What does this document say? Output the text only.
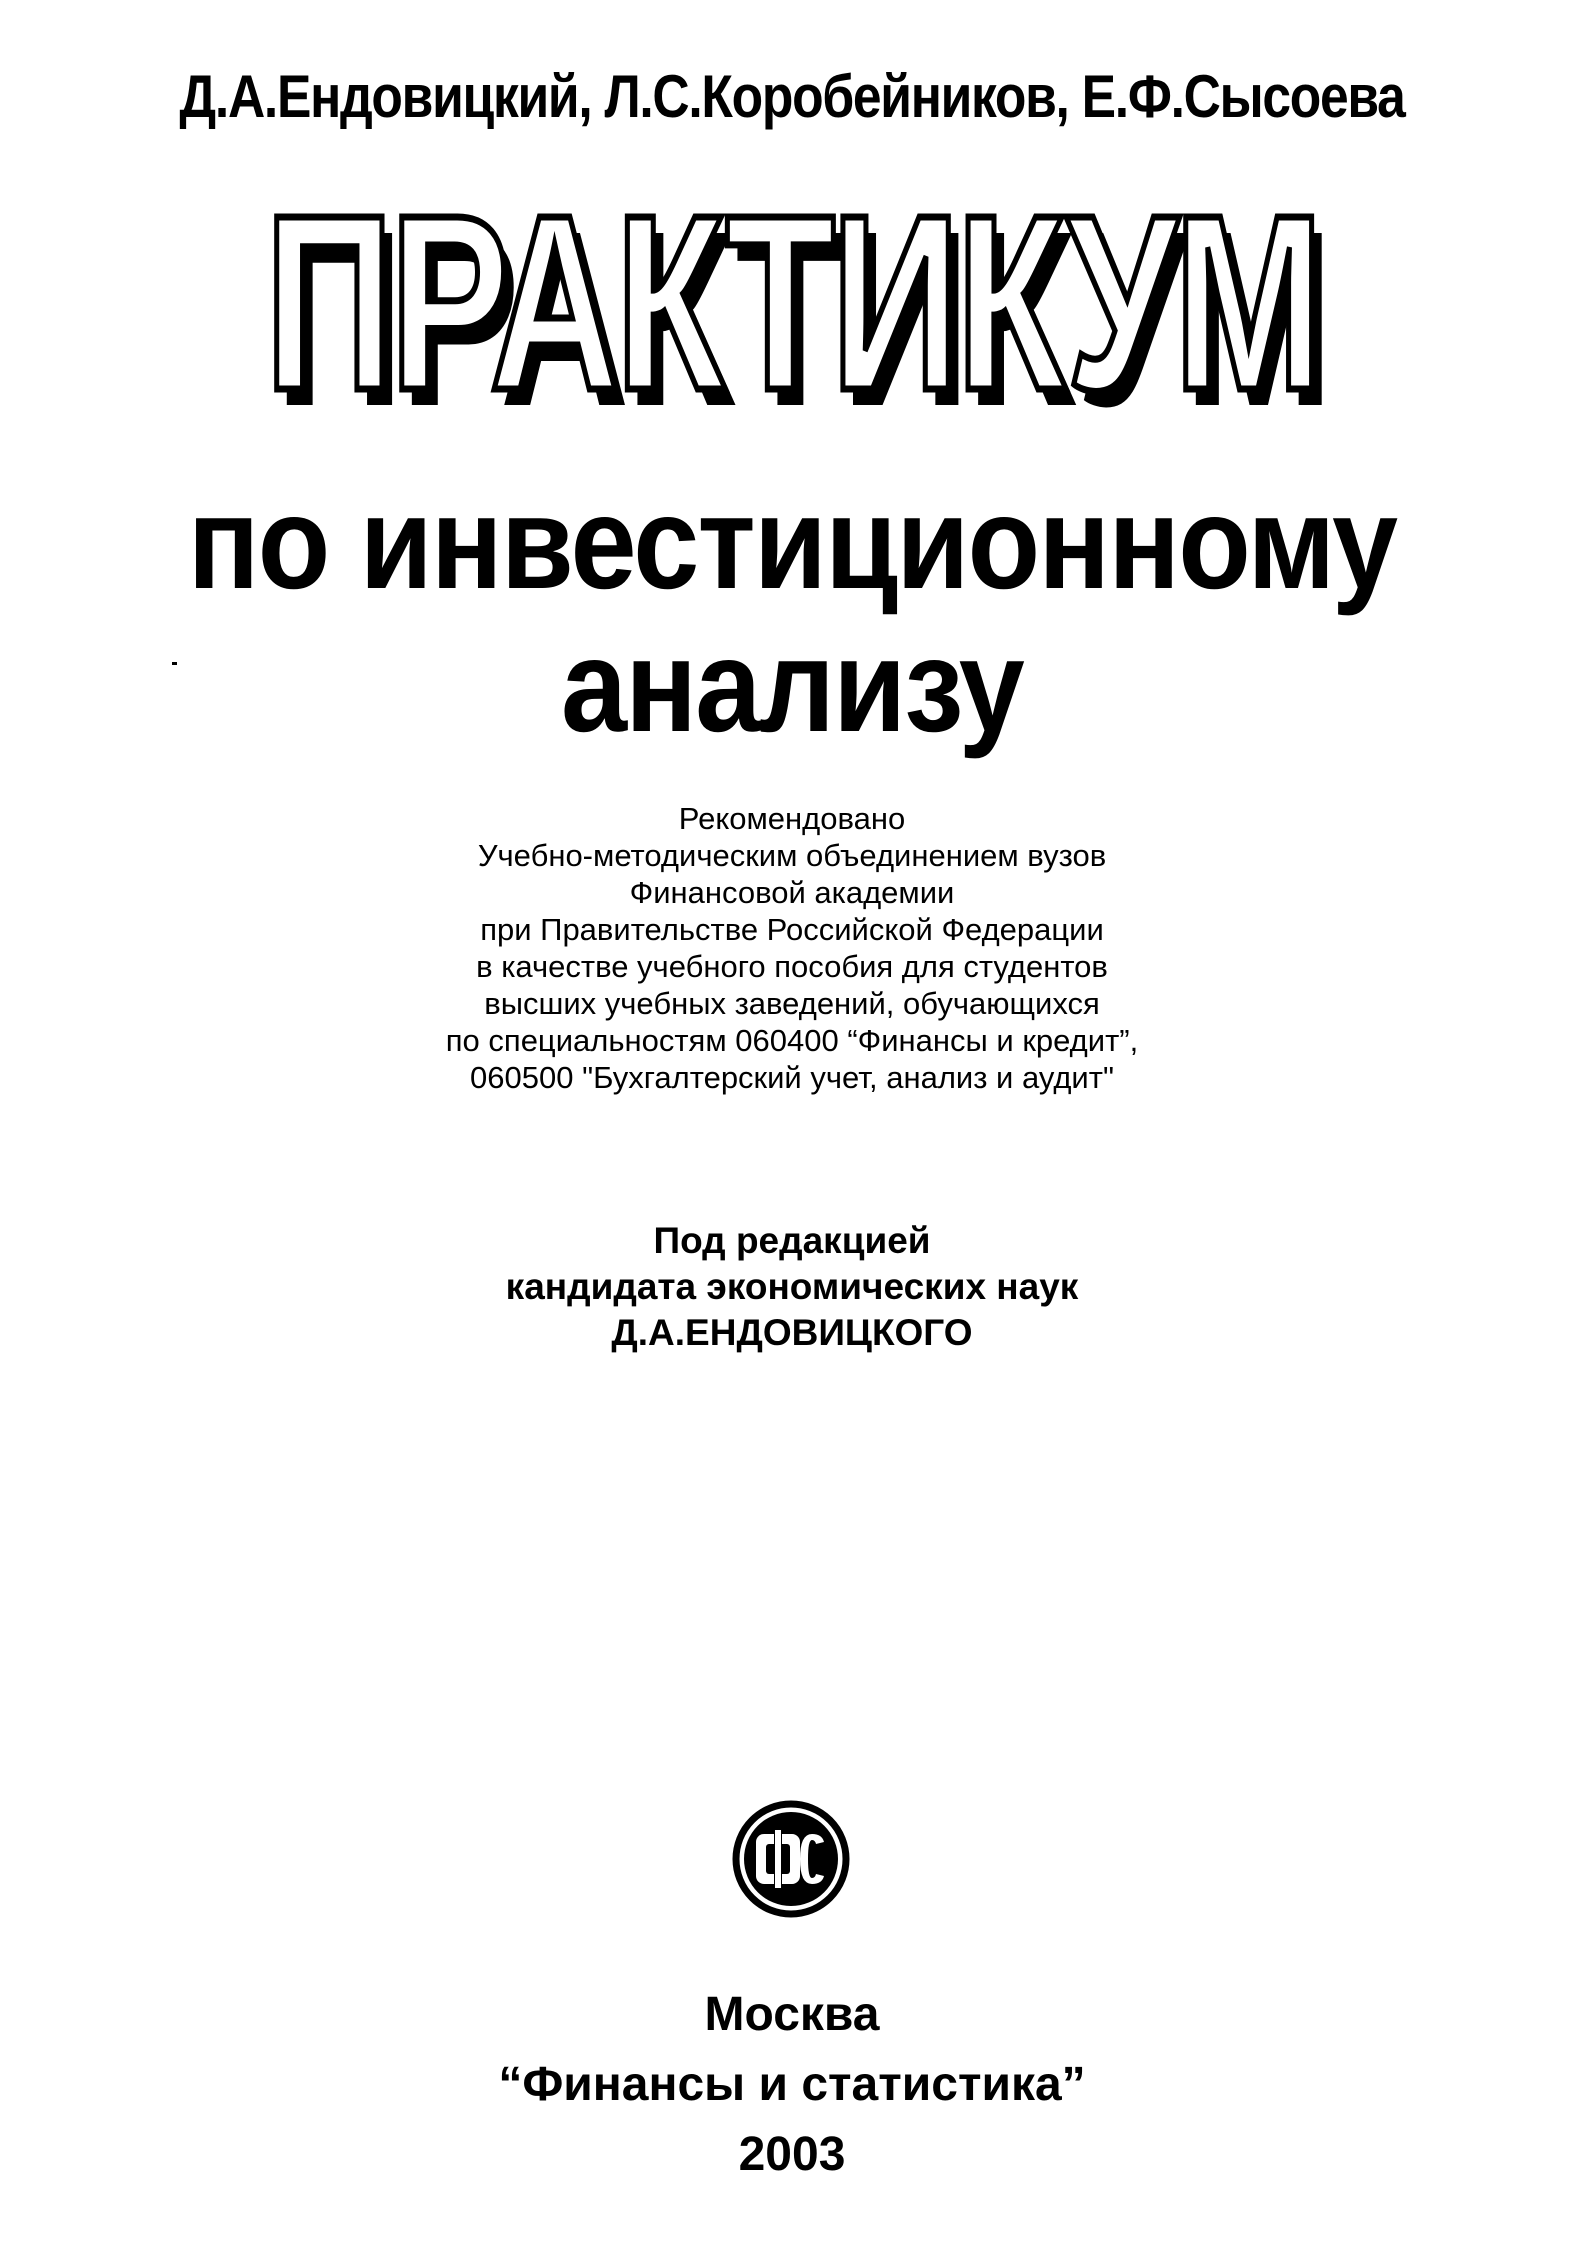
Д.А.Ендовицкий, Л.С.Коробейников, Е.Ф.Сысоева
ПРАКТИКУМ
по инвестиционному
анализу
Рекомендовано
Учебно-методическим объединением вузов
Финансовой академии
при Правительстве Российской Федерации
в качестве учебного пособия для студентов
высших учебных заведений, обучающихся
по специальностям 060400 “Финансы и кредит”,
060500 "Бухгалтерский учет, анализ и аудит"
Под редакцией
кандидата экономических наук
Д.А.ЕНДОВИЦКОГО
Москва
“Финансы и статистика”
2003
